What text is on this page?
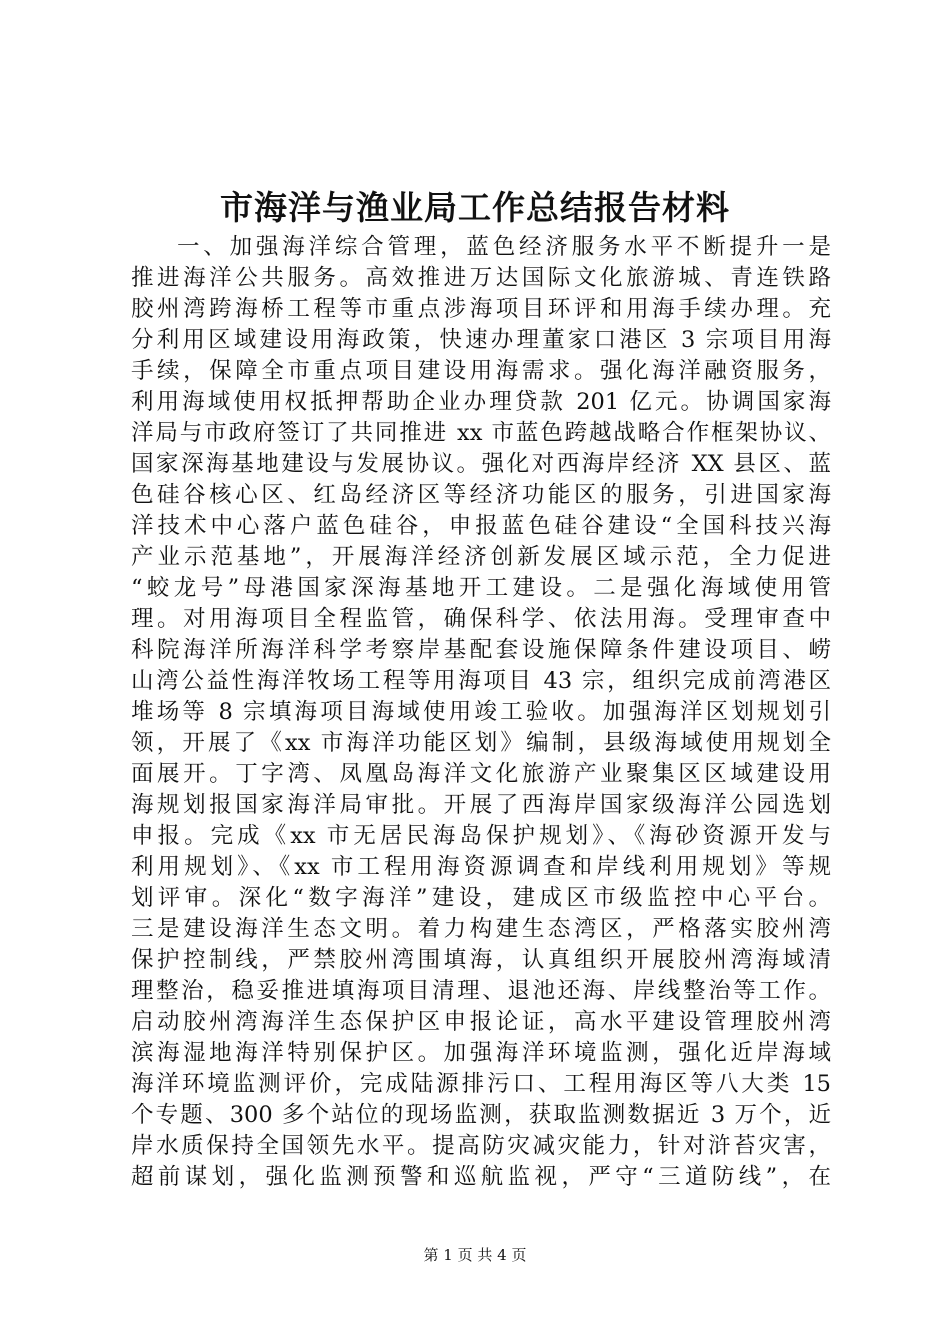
市海洋与渔业局工作总结报告材料
一、加强海洋综合管理，蓝色经济服务水平不断提升一是
推进海洋公共服务。高效推进万达国际文化旅游城、青连铁路
胶州湾跨海桥工程等市重点涉海项目环评和用海手续办理。充
分利用区域建设用海政策，快速办理董家口港区 3 宗项目用海
手续，保障全市重点项目建设用海需求。强化海洋融资服务，
利用海域使用权抵押帮助企业办理贷款 201 亿元。协调国家海
洋局与市政府签订了共同推进 xx 市蓝色跨越战略合作框架协议、
国家深海基地建设与发展协议。强化对西海岸经济 XX 县区、蓝
色硅谷核心区、红岛经济区等经济功能区的服务，引进国家海
洋技术中心落户蓝色硅谷，申报蓝色硅谷建设“全国科技兴海
产业示范基地”，开展海洋经济创新发展区域示范，全力促进
“蛟龙号”母港国家深海基地开工建设。二是强化海域使用管
理。对用海项目全程监管，确保科学、依法用海。受理审查中
科院海洋所海洋科学考察岸基配套设施保障条件建设项目、崂
山湾公益性海洋牧场工程等用海项目 43 宗，组织完成前湾港区
堆场等 8 宗填海项目海域使用竣工验收。加强海洋区划规划引
领，开展了《xx 市海洋功能区划》编制，县级海域使用规划全
面展开。丁字湾、凤凰岛海洋文化旅游产业聚集区区域建设用
海规划报国家海洋局审批。开展了西海岸国家级海洋公园选划
申报。完成《xx 市无居民海岛保护规划》、《海砂资源开发与
利用规划》、《xx 市工程用海资源调查和岸线利用规划》等规
划评审。深化“数字海洋”建设，建成区市级监控中心平台。
三是建设海洋生态文明。着力构建生态湾区，严格落实胶州湾
保护控制线，严禁胶州湾围填海，认真组织开展胶州湾海域清
理整治，稳妥推进填海项目清理、退池还海、岸线整治等工作。
启动胶州湾海洋生态保护区申报论证，高水平建设管理胶州湾
滨海湿地海洋特别保护区。加强海洋环境监测，强化近岸海域
海洋环境监测评价，完成陆源排污口、工程用海区等八大类 15
个专题、300 多个站位的现场监测，获取监测数据近 3 万个，近
岸水质保持全国领先水平。提高防灾减灾能力，针对浒苔灾害，
超前谋划，强化监测预警和巡航监视，严守“三道防线”，在
第 1 页 共 4 页
